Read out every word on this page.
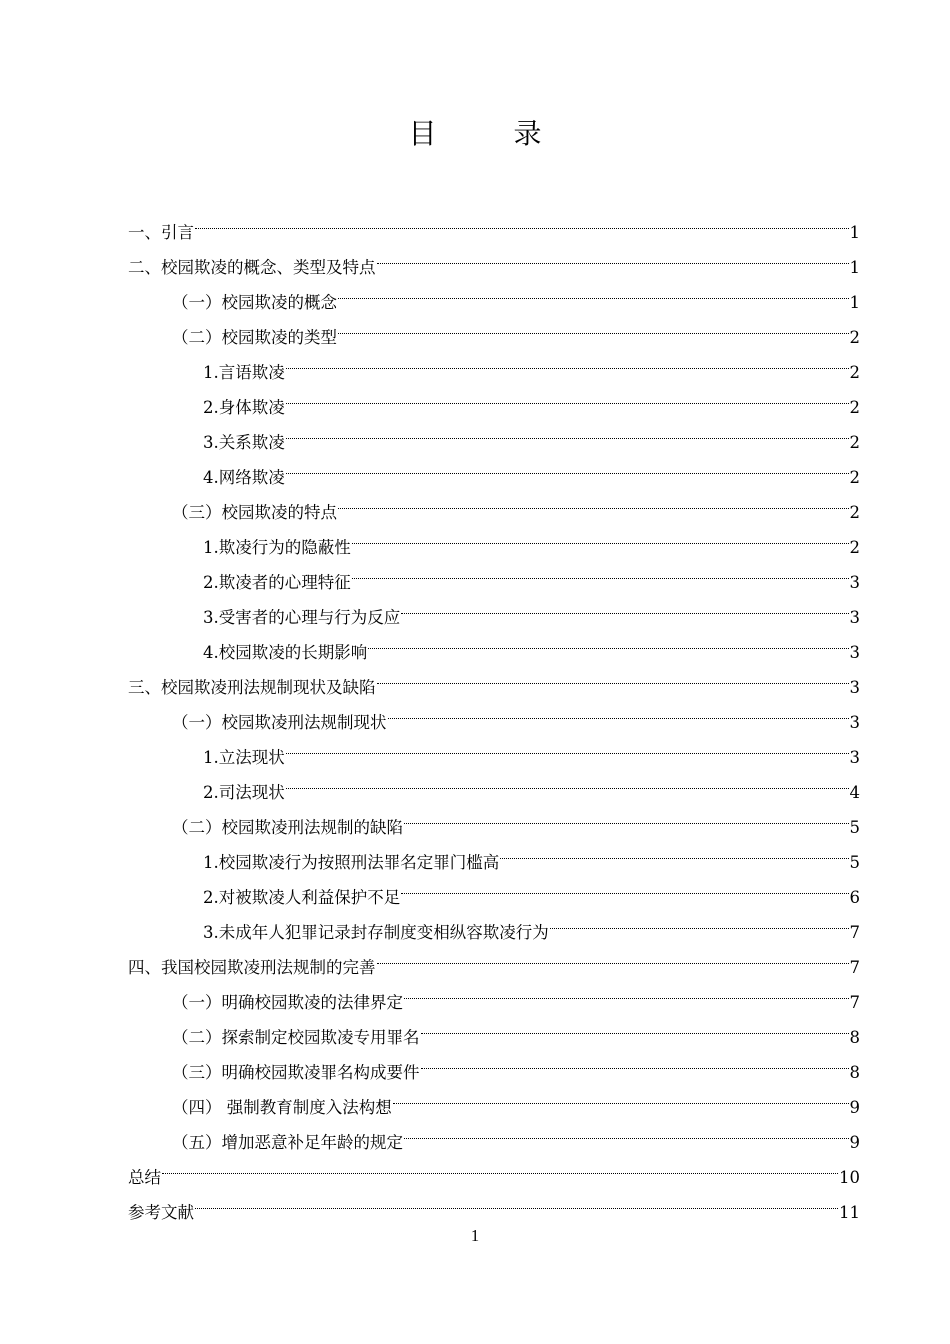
目 录
一、引言	1
二、校园欺凌的概念、类型及特点	1
（一）校园欺凌的概念	1
（二）校园欺凌的类型	2
1.言语欺凌	2
2.身体欺凌	2
3.关系欺凌	2
4.网络欺凌	2
（三）校园欺凌的特点	2
1.欺凌行为的隐蔽性	2
2.欺凌者的心理特征	3
3.受害者的心理与行为反应	3
4.校园欺凌的长期影响	3
三、校园欺凌刑法规制现状及缺陷	3
（一）校园欺凌刑法规制现状	3
1.立法现状	3
2.司法现状	4
（二）校园欺凌刑法规制的缺陷	5
1.校园欺凌行为按照刑法罪名定罪门槛高	5
2.对被欺凌人利益保护不足	6
3.未成年人犯罪记录封存制度变相纵容欺凌行为	7
四、我国校园欺凌刑法规制的完善	7
（一）明确校园欺凌的法律界定	7
（二）探索制定校园欺凌专用罪名	8
（三）明确校园欺凌罪名构成要件	8
（四） 强制教育制度入法构想	9
（五）增加恶意补足年龄的规定	9
总结	10
参考文献	11
1
